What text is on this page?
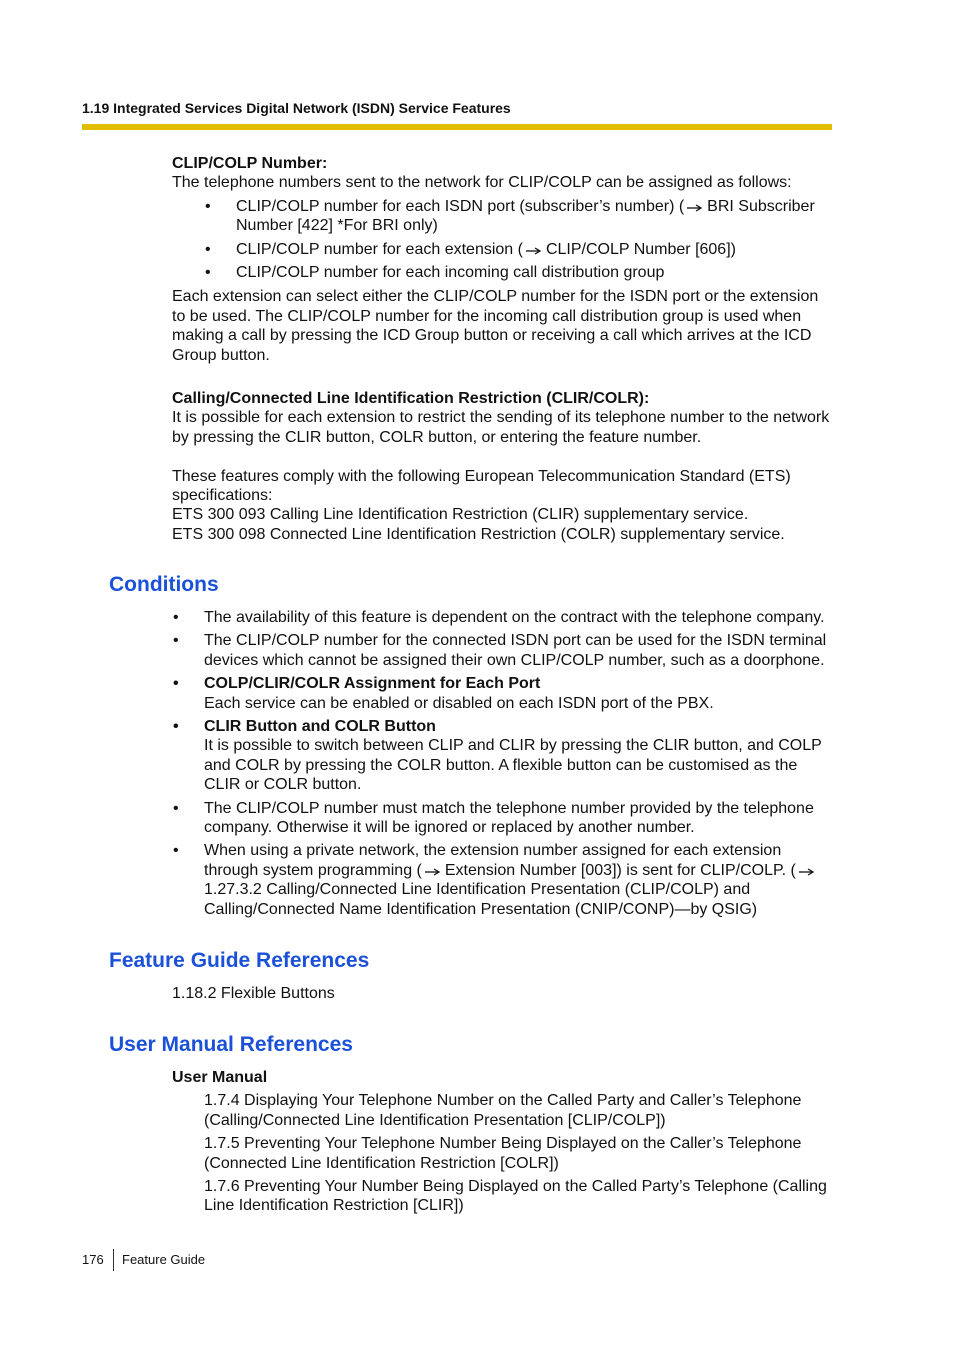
1.19 Integrated Services Digital Network (ISDN) Service Features

CLIP/COLP Number:

The telephone numbers sent to the network for CLIP/COLP can be assigned as follows:

• CLIP/COLP number for each ISDN port (subscriber’s number) ( BRI Subscriber Number [422] *For BRI only)
• CLIP/COLP number for each extension ( CLIP/COLP Number [606])
• CLIP/COLP number for each incoming call distribution group

Each extension can select either the CLIP/COLP number for the ISDN port or the extension to be used. The CLIP/COLP number for the incoming call distribution group is used when making a call by pressing the ICD Group button or receiving a call which arrives at the ICD Group button.

Calling/Connected Line Identification Restriction (CLIR/COLR):

It is possible for each extension to restrict the sending of its telephone number to the network by pressing the CLIR button, COLR button, or entering the feature number.

These features comply with the following European Telecommunication Standard (ETS) specifications:

ETS 300 093 Calling Line Identification Restriction (CLIR) supplementary service.

ETS 300 098 Connected Line Identification Restriction (COLR) supplementary service.

Conditions
• The availability of this feature is dependent on the contract with the telephone company.
• The CLIP/COLP number for the connected ISDN port can be used for the ISDN terminal devices which cannot be assigned their own CLIP/COLP number, such as a doorphone.
• COLP/CLIR/COLR Assignment for Each Port
Each service can be enabled or disabled on each ISDN port of the PBX.
• CLIR Button and COLR Button
It is possible to switch between CLIP and CLIR by pressing the CLIR button, and COLP and COLR by pressing the COLR button. A flexible button can be customised as the CLIR or COLR button.
• The CLIP/COLP number must match the telephone number provided by the telephone company. Otherwise it will be ignored or replaced by another number.
• When using a private network, the extension number assigned for each extension through system programming ( Extension Number [003]) is sent for CLIP/COLP. (1.27.3.2 Calling/Connected Line Identification Presentation (CLIP/COLP) and Calling/Connected Name Identification Presentation (CNIP/CONP)—by QSIG)
Feature Guide References

1.18.2 Flexible Buttons

User Manual References

User Manual

1.7.4 Displaying Your Telephone Number on the Called Party and Caller’s Telephone (Calling/Connected Line Identification Presentation [CLIP/COLP])

1.7.5 Preventing Your Telephone Number Being Displayed on the Caller’s Telephone (Connected Line Identification Restriction [COLR])

1.7.6 Preventing Your Number Being Displayed on the Called Party’s Telephone (Calling Line Identification Restriction [CLIR])

176 Feature Guide
